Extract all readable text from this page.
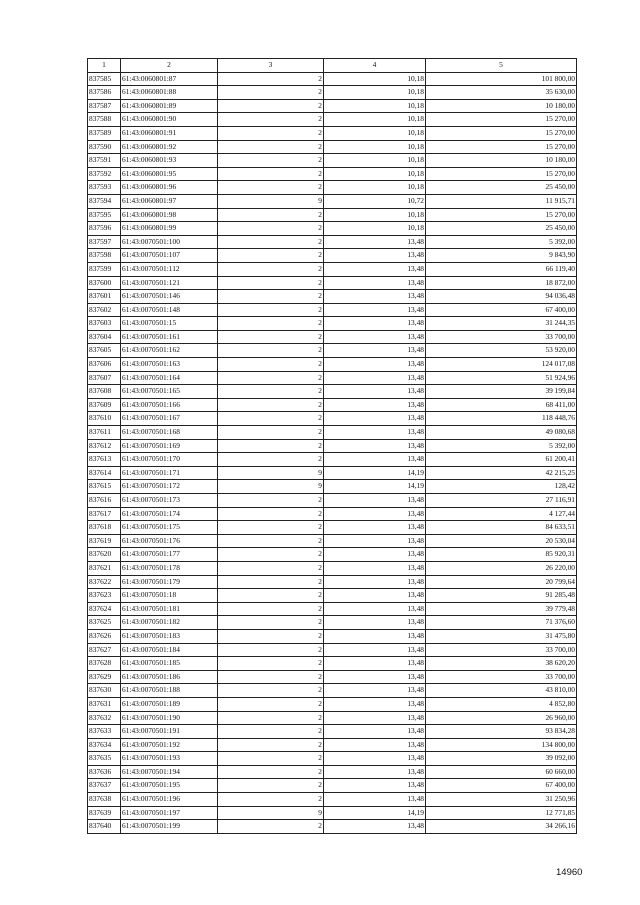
1	2	3	4	5
837585	61:43:0060801:87	2	10,18	101 800,00
837586	61:43:0060801:88	2	10,18	35 630,00
837587	61:43:0060801:89	2	10,18	10 180,00
837588	61:43:0060801:90	2	10,18	15 270,00
837589	61:43:0060801:91	2	10,18	15 270,00
837590	61:43:0060801:92	2	10,18	15 270,00
837591	61:43:0060801:93	2	10,18	10 180,00
837592	61:43:0060801:95	2	10,18	15 270,00
837593	61:43:0060801:96	2	10,18	25 450,00
837594	61:43:0060801:97	9	10,72	11 915,71
837595	61:43:0060801:98	2	10,18	15 270,00
837596	61:43:0060801:99	2	10,18	25 450,00
837597	61:43:0070501:100	2	13,48	5 392,00
837598	61:43:0070501:107	2	13,48	9 843,90
837599	61:43:0070501:112	2	13,48	66 119,40
837600	61:43:0070501:121	2	13,48	18 872,00
837601	61:43:0070501:146	2	13,48	94 036,48
837602	61:43:0070501:148	2	13,48	67 400,00
837603	61:43:0070501:15	2	13,48	31 244,35
837604	61:43:0070501:161	2	13,48	33 700,00
837605	61:43:0070501:162	2	13,48	53 920,00
837606	61:43:0070501:163	2	13,48	124 017,08
837607	61:43:0070501:164	2	13,48	51 924,96
837608	61:43:0070501:165	2	13,48	39 199,84
837609	61:43:0070501:166	2	13,48	68 411,00
837610	61:43:0070501:167	2	13,48	118 448,76
837611	61:43:0070501:168	2	13,48	49 080,68
837612	61:43:0070501:169	2	13,48	5 392,00
837613	61:43:0070501:170	2	13,48	61 200,41
837614	61:43:0070501:171	9	14,19	42 215,25
837615	61:43:0070501:172	9	14,19	128,42
837616	61:43:0070501:173	2	13,48	27 116,91
837617	61:43:0070501:174	2	13,48	4 127,44
837618	61:43:0070501:175	2	13,48	84 633,51
837619	61:43:0070501:176	2	13,48	20 530,04
837620	61:43:0070501:177	2	13,48	85 920,31
837621	61:43:0070501:178	2	13,48	26 220,00
837622	61:43:0070501:179	2	13,48	20 799,64
837623	61:43:0070501:18	2	13,48	91 285,48
837624	61:43:0070501:181	2	13,48	39 779,48
837625	61:43:0070501:182	2	13,48	71 376,60
837626	61:43:0070501:183	2	13,48	31 475,80
837627	61:43:0070501:184	2	13,48	33 700,00
837628	61:43:0070501:185	2	13,48	38 620,20
837629	61:43:0070501:186	2	13,48	33 700,00
837630	61:43:0070501:188	2	13,48	43 810,00
837631	61:43:0070501:189	2	13,48	4 852,80
837632	61:43:0070501:190	2	13,48	26 960,00
837633	61:43:0070501:191	2	13,48	93 834,28
837634	61:43:0070501:192	2	13,48	134 800,00
837635	61:43:0070501:193	2	13,48	39 092,00
837636	61:43:0070501:194	2	13,48	60 660,00
837637	61:43:0070501:195	2	13,48	67 400,00
837638	61:43:0070501:196	2	13,48	31 250,96
837639	61:43:0070501:197	9	14,19	12 771,85
837640	61:43:0070501:199	2	13,48	34 266,16
14960
